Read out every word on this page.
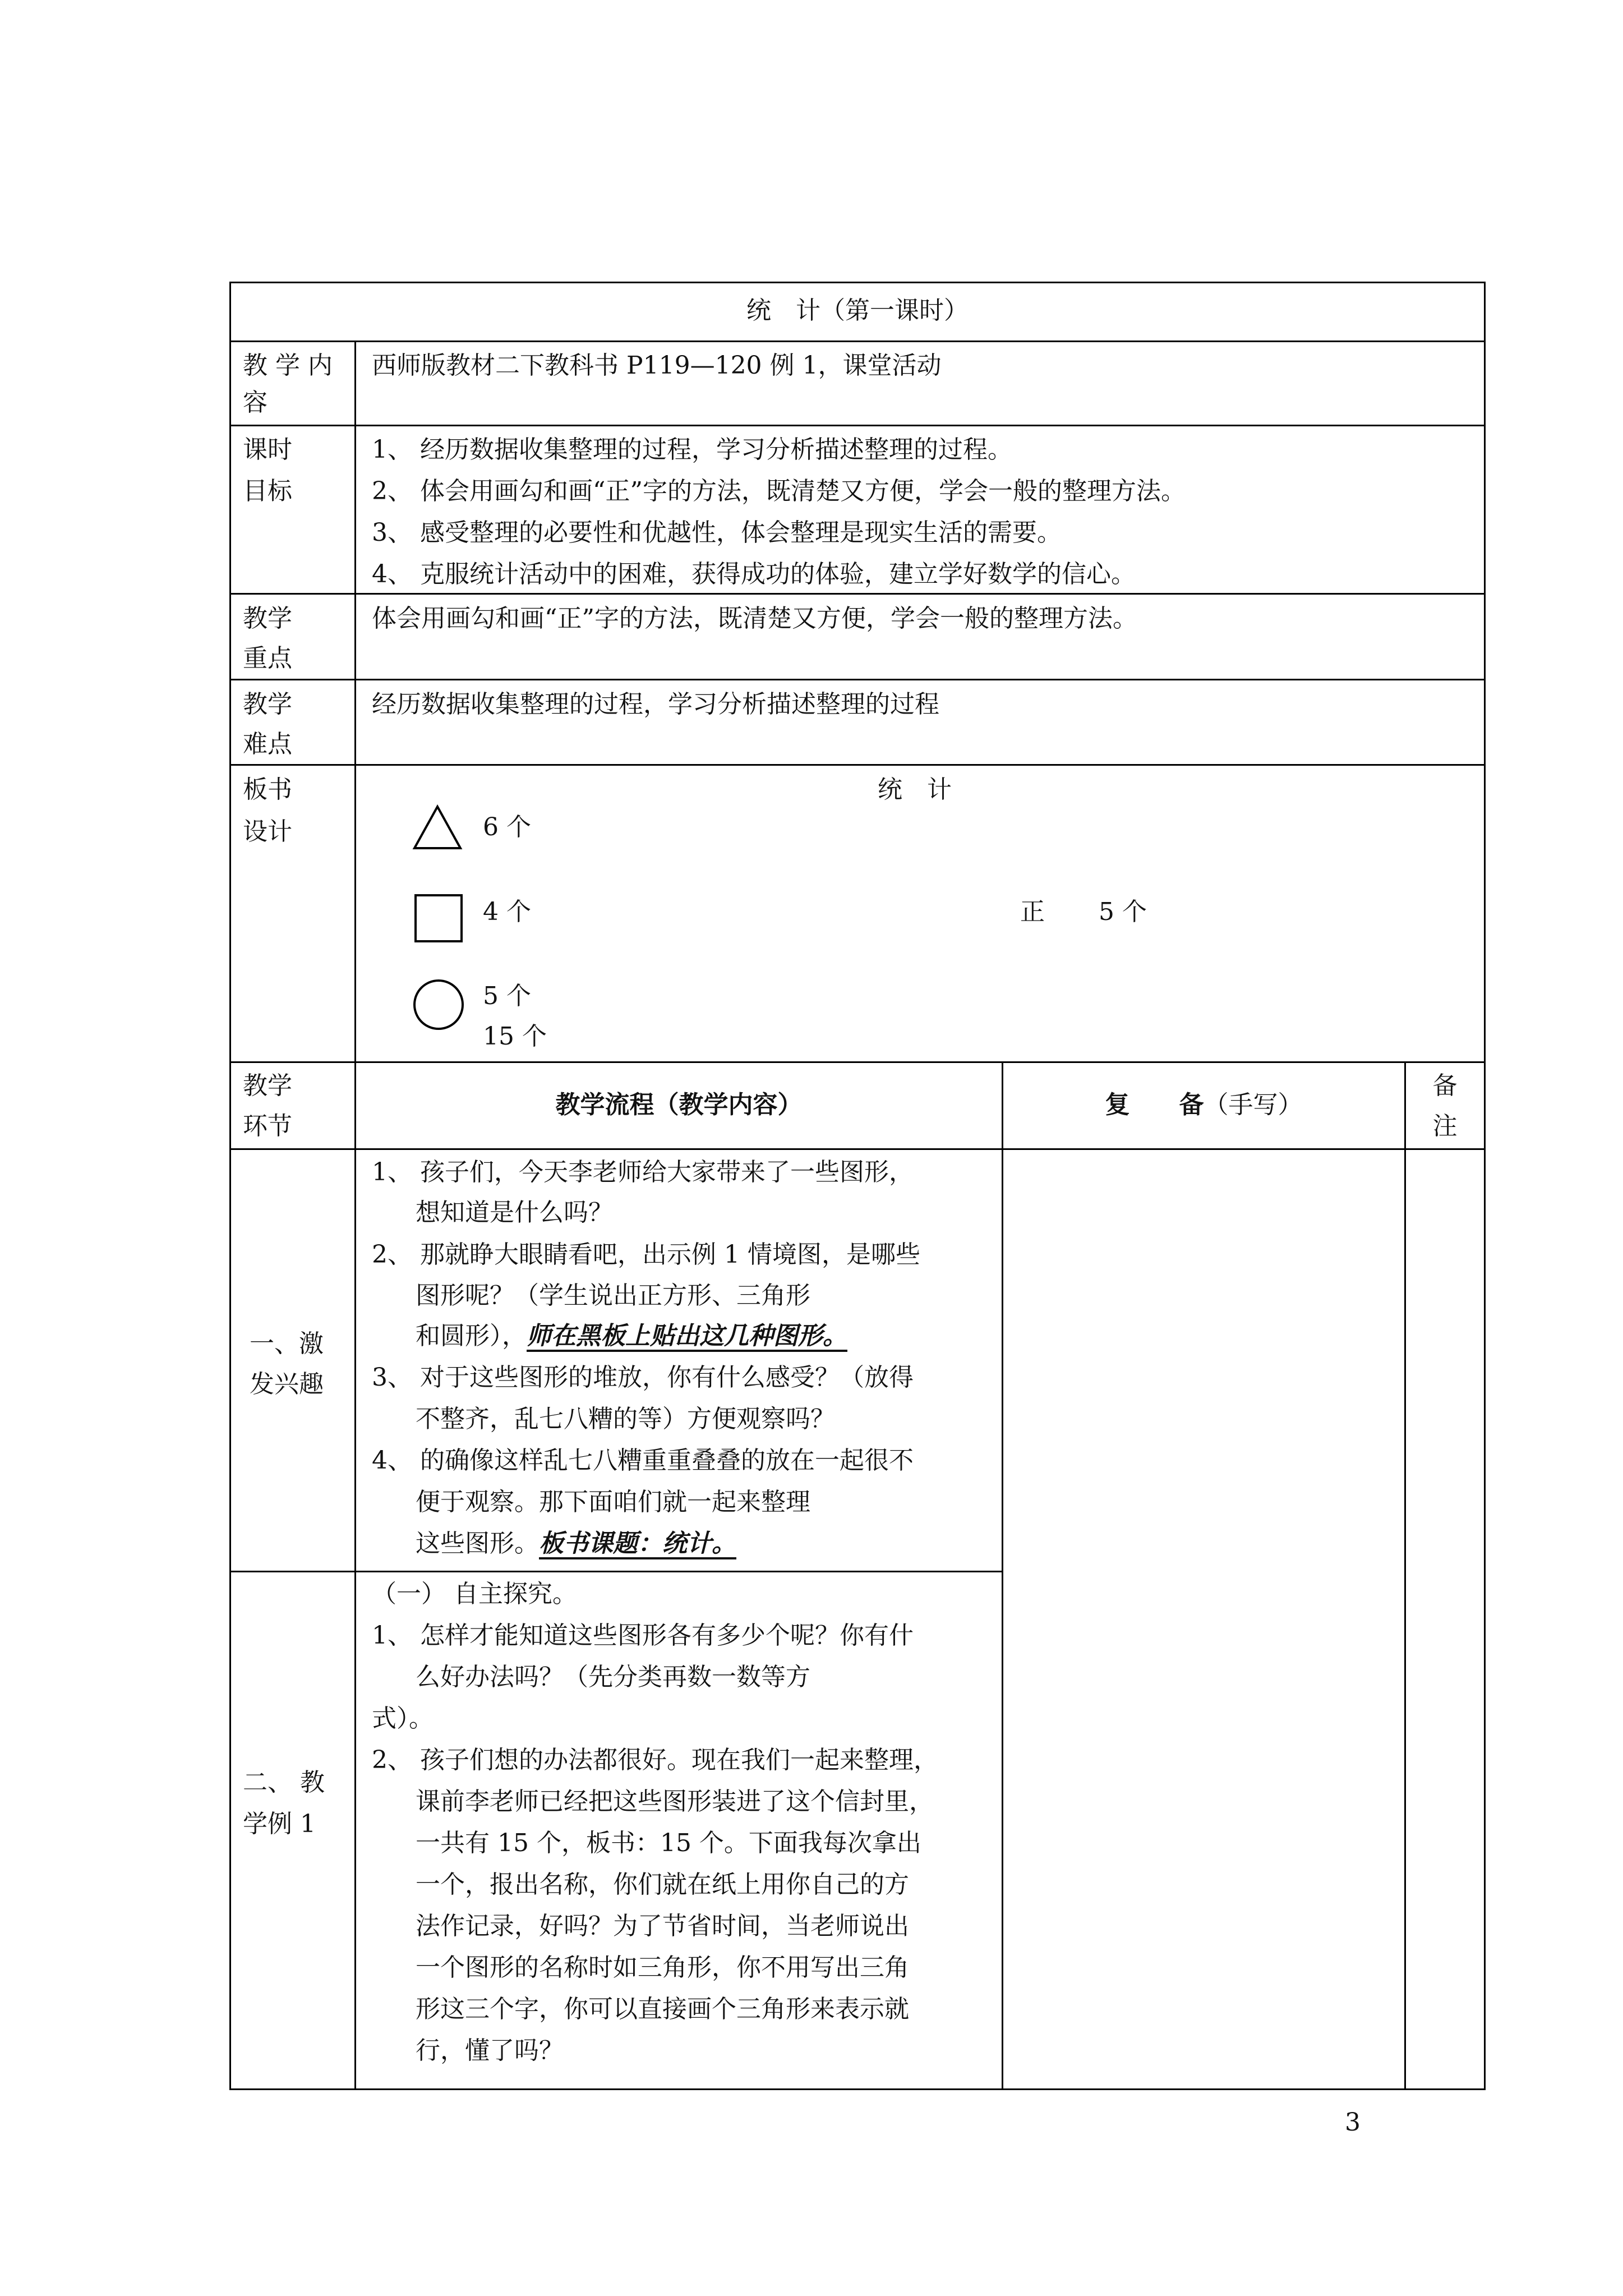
统　计（第一课时）
教 学 内
容
西师版教材二下教科书 P119—120 例 1，课堂活动
课时
目标
1、 经历数据收集整理的过程，学习分析描述整理的过程。
2、 体会用画勾和画“正”字的方法，既清楚又方便，学会一般的整理方法。
3、 感受整理的必要性和优越性，体会整理是现实生活的需要。
4、 克服统计活动中的困难，获得成功的体验，建立学好数学的信心。
教学
重点
体会用画勾和画“正”字的方法，既清楚又方便，学会一般的整理方法。
教学
难点
经历数据收集整理的过程，学习分析描述整理的过程
板书
设计
统　计
6 个
4 个	正 5 个
5 个
15 个
教学
环节
教学流程（教学内容）	复　　备（手写）
备
注
一、激
发兴趣
1、 孩子们，今天李老师给大家带来了一些图形，
想知道是什么吗？
2、 那就睁大眼睛看吧，出示例 1 情境图，是哪些
图形呢？（学生说出正方形、三角形
和圆形），师在黑板上贴出这几种图形。
3、 对于这些图形的堆放，你有什么感受？（放得
不整齐，乱七八糟的等）方便观察吗？
4、 的确像这样乱七八糟重重叠叠的放在一起很不
便于观察。那下面咱们就一起来整理
这些图形。板书课题：统计。
二、 教
学例 1
（一） 自主探究。
1、 怎样才能知道这些图形各有多少个呢？你有什
么好办法吗？（先分类再数一数等方
式）。
2、 孩子们想的办法都很好。现在我们一起来整理，
课前李老师已经把这些图形装进了这个信封里，
一共有 15 个，板书：15 个。下面我每次拿出
一个，报出名称，你们就在纸上用你自己的方
法作记录，好吗？为了节省时间，当老师说出
一个图形的名称时如三角形，你不用写出三角
形这三个字，你可以直接画个三角形来表示就
行，懂了吗？
3
